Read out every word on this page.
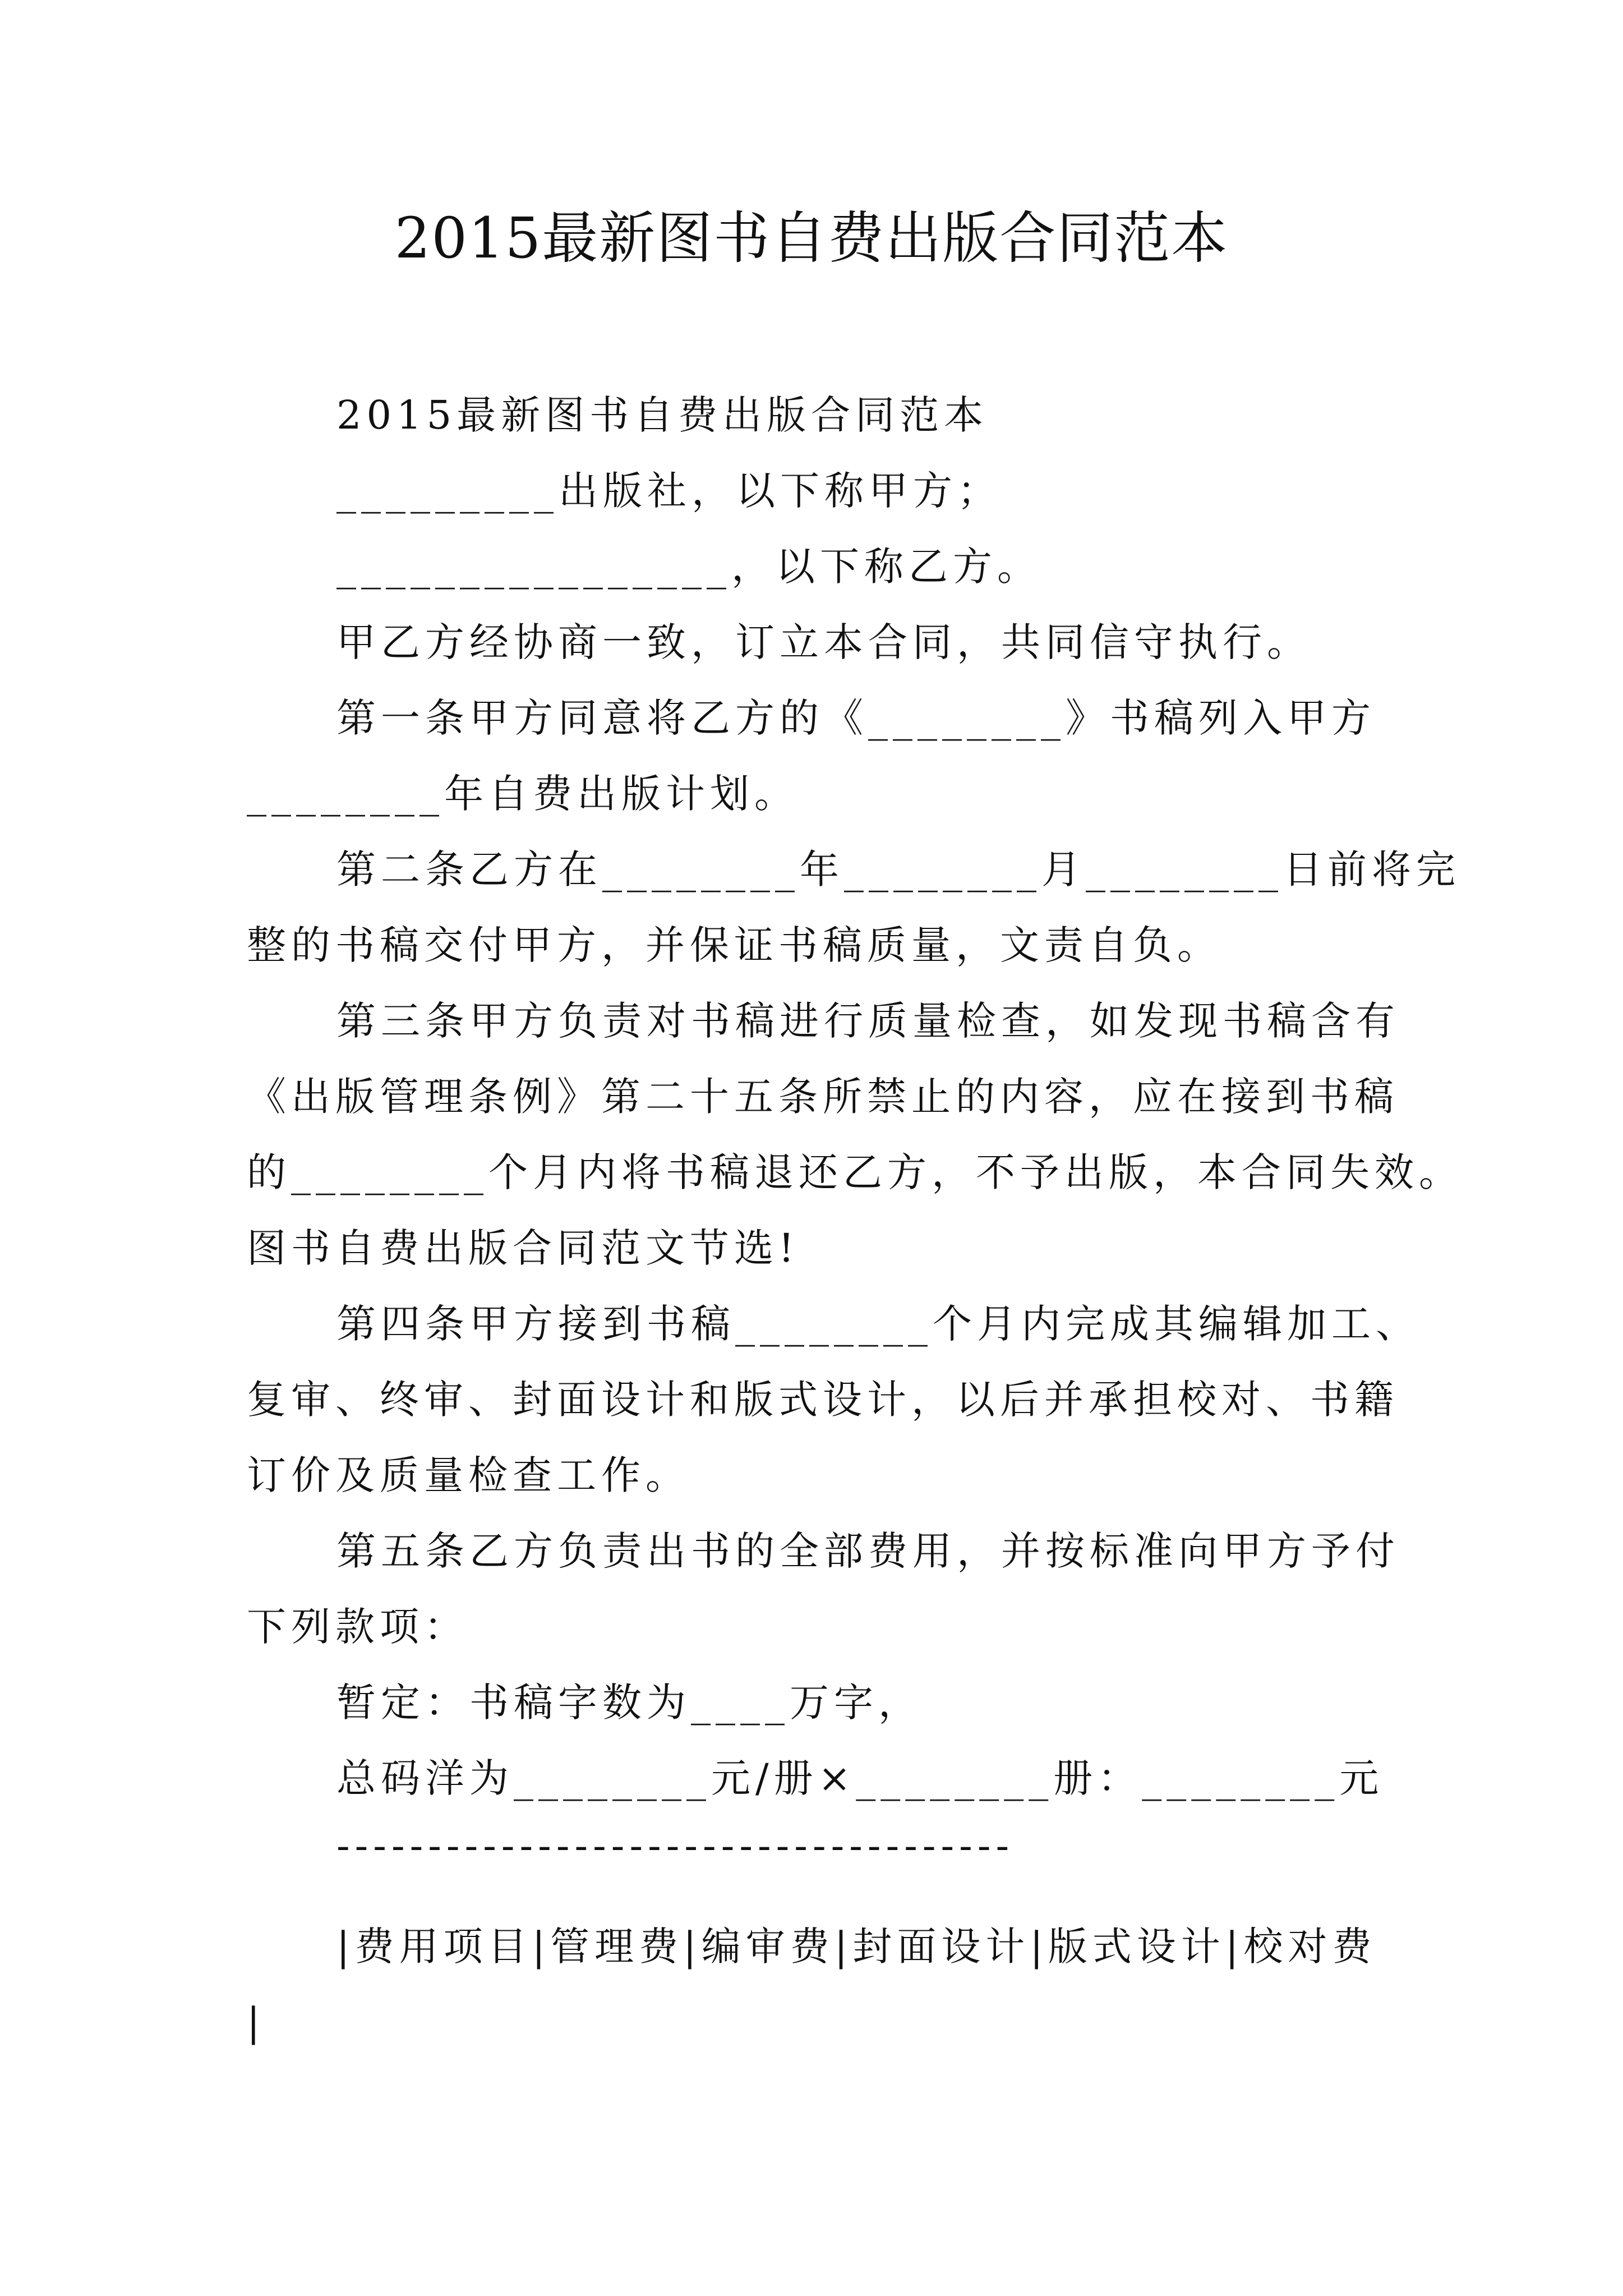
2015最新图书自费出版合同范本
2015最新图书自费出版合同范本
_________出版社，以下称甲方；
________________，以下称乙方。
甲乙方经协商一致，订立本合同，共同信守执行。
第一条甲方同意将乙方的《________》书稿列入甲方
________年自费出版计划。
第二条乙方在________年________月________日前将完
整的书稿交付甲方，并保证书稿质量，文责自负。
第三条甲方负责对书稿进行质量检查，如发现书稿含有
《出版管理条例》第二十五条所禁止的内容，应在接到书稿
的________个月内将书稿退还乙方，不予出版，本合同失效。
图书自费出版合同范文节选!
第四条甲方接到书稿________个月内完成其编辑加工、
复审、终审、封面设计和版式设计，以后并承担校对、书籍
订价及质量检查工作。
第五条乙方负责出书的全部费用，并按标准向甲方予付
下列款项：
暂定：书稿字数为____万字，
总码洋为________元/册×________册：________元
-------------------------------------
|费用项目|管理费|编审费|封面设计|版式设计|校对费
|
